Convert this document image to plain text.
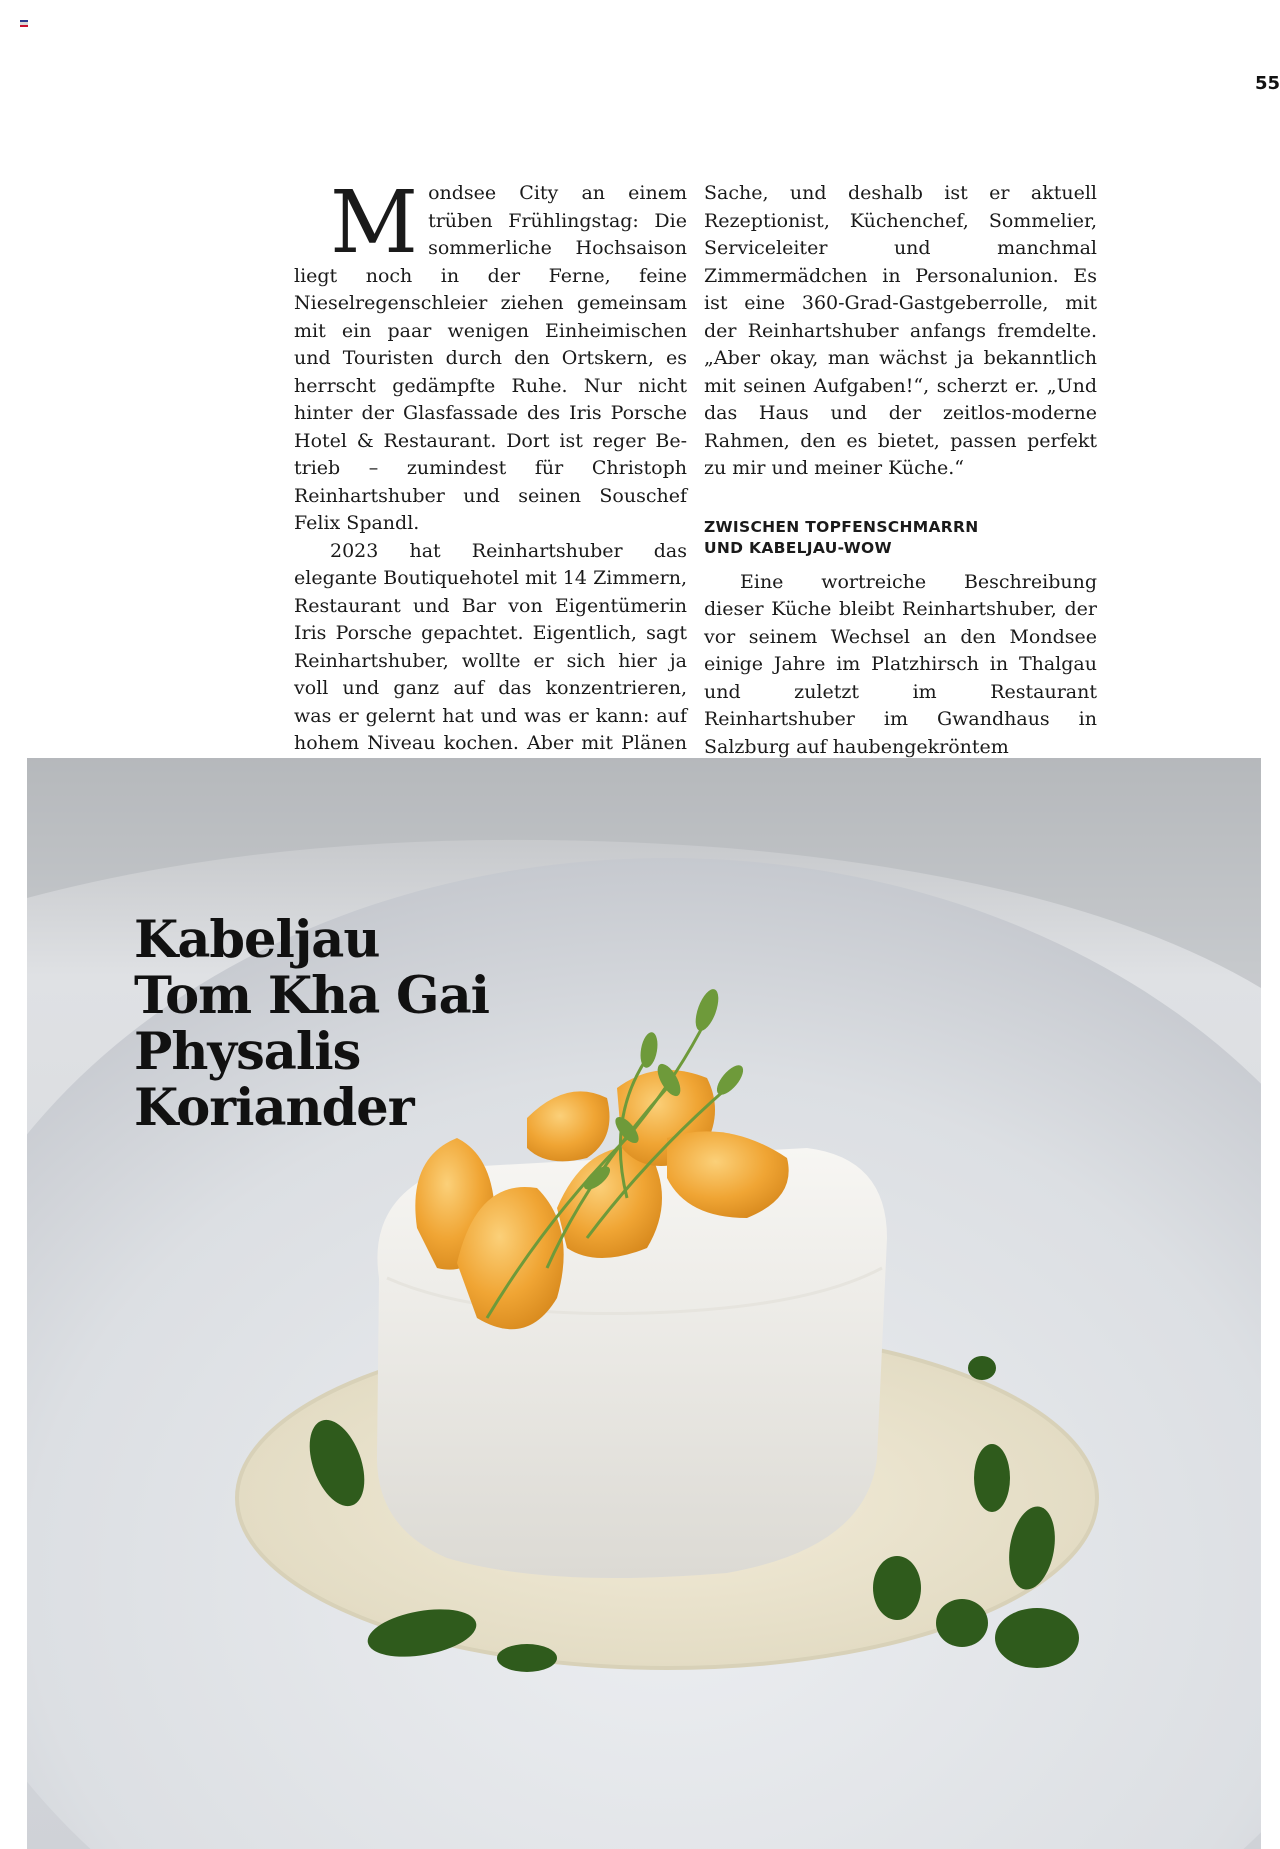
55

Mondsee City an einem trüben Frühlingstag: Die sommerliche Hochsaison liegt noch in der Ferne, feine Nieselregenschleier ziehen gemeinsam mit ein paar wenigen Einheimischen und Touristen durch den Ortskern, es herrscht gedämpfte Ruhe. Nur nicht hinter der Glasfassade des Iris Porsche Hotel & Restaurant. Dort ist reger Betrieb – zumindest für Christoph Reinhartshuber und seinen Souschef Felix Spandl.

2023 hat Reinhartshuber das elegante Boutiquehotel mit 14 Zimmern, Restaurant und Bar von Eigentümerin Iris Porsche gepachtet. Eigentlich, sagt Reinhartshuber, wollte er sich hier ja voll und ganz auf das konzentrieren, was er gelernt hat und was er kann: auf hohem Niveau kochen. Aber mit Plänen

Sache, und deshalb ist er aktuell Rezeptionist, Küchenchef, Sommelier, Serviceleiter und manchmal Zimmermädchen in Personalunion. Es ist eine 360-Grad-Gastgeberrolle, mit der Reinhartshuber anfangs fremdelte. „Aber okay, man wächst ja bekanntlich mit seinen Aufgaben!“, scherzt er. „Und das Haus und der zeitlos-moderne Rahmen, den es bietet, passen perfekt zu mir und meiner Küche.“

ZWISCHEN TOPFENSCHMARRN
UND KABELJAU-WOW

Eine wortreiche Beschreibung dieser Küche bleibt Reinhartshuber, der vor seinem Wechsel an den Mondsee einige Jahre im Platzhirsch in Thalgau und zuletzt im Restaurant Reinhartshuber im Gwandhaus in Salzburg auf haubengekröntem

Kabeljau
Tom Kha Gai
Physalis
Koriander
